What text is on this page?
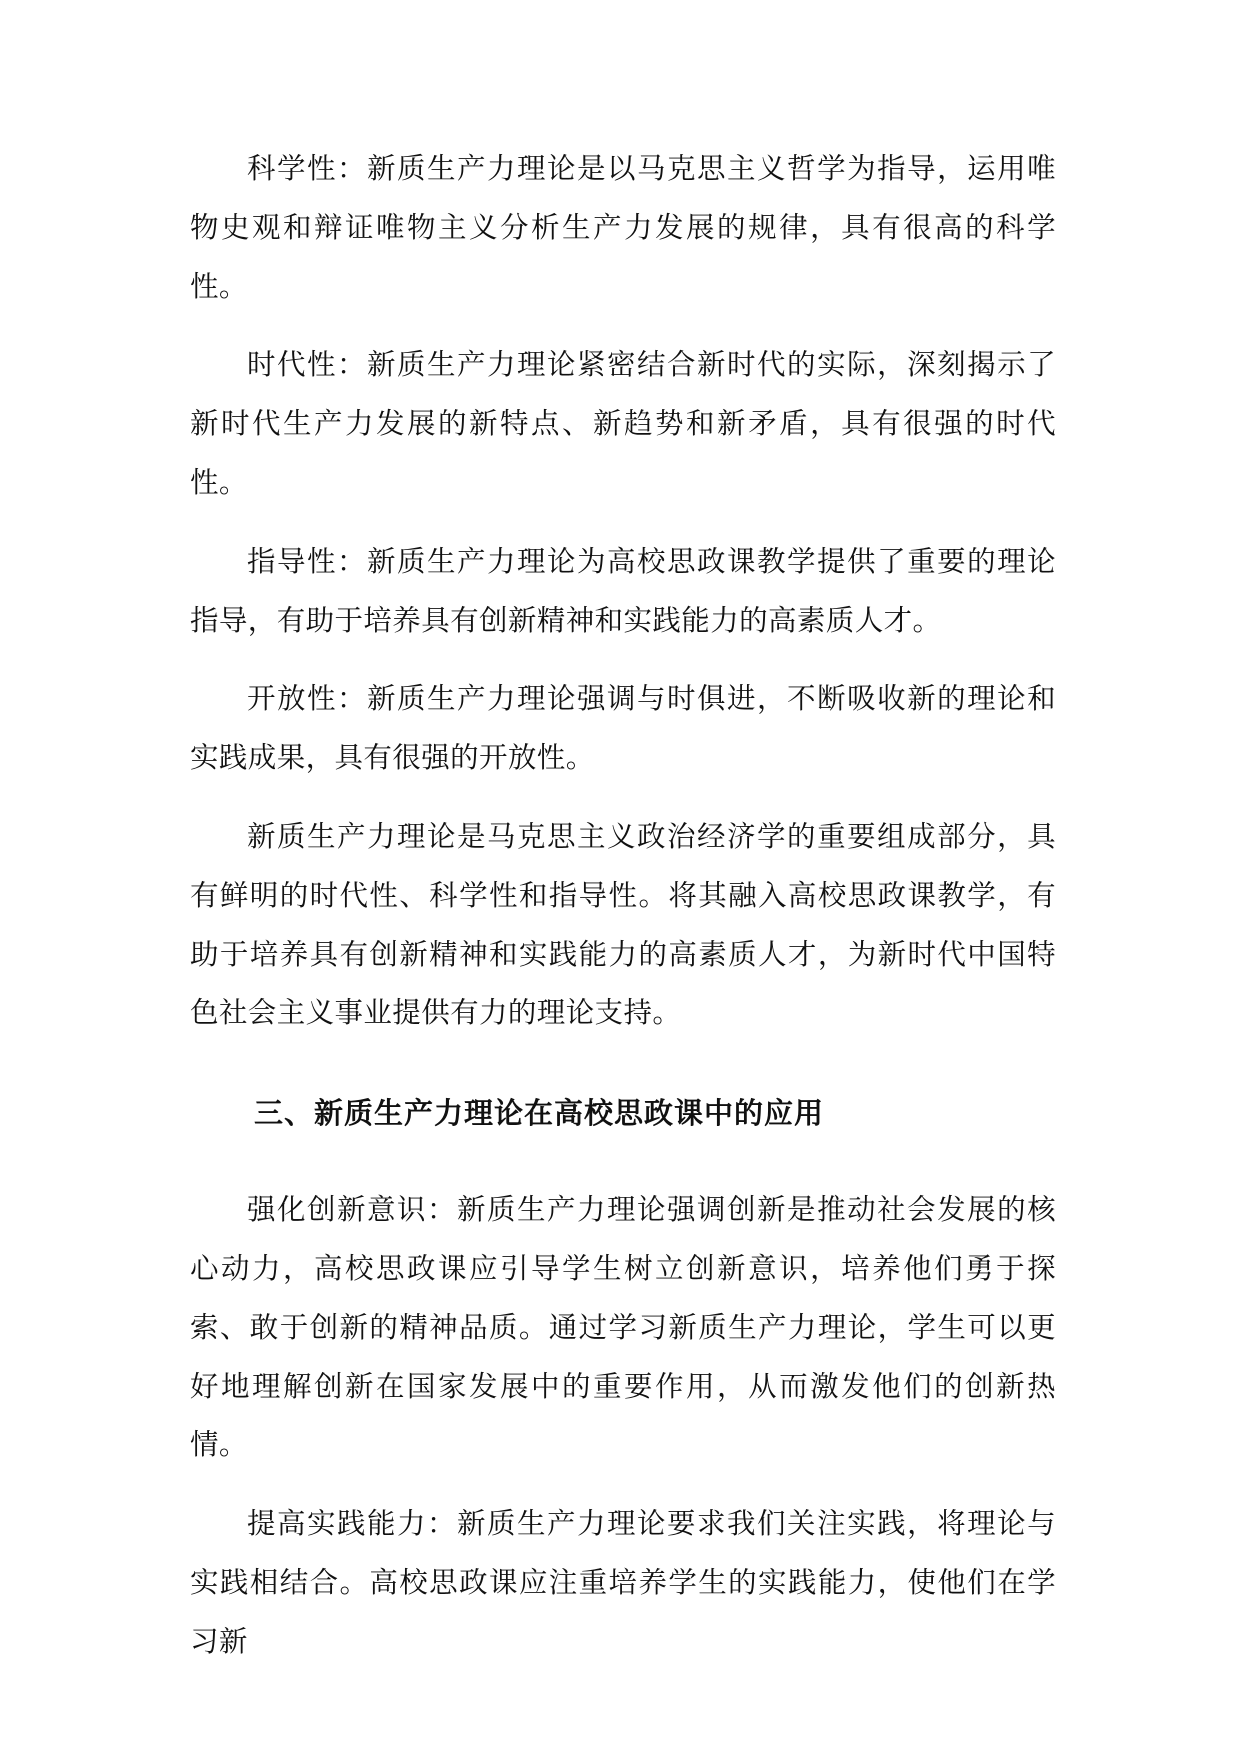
科学性：新质生产力理论是以马克思主义哲学为指导，运用唯物史观和辩证唯物主义分析生产力发展的规律，具有很高的科学性。

时代性：新质生产力理论紧密结合新时代的实际，深刻揭示了新时代生产力发展的新特点、新趋势和新矛盾，具有很强的时代性。

指导性：新质生产力理论为高校思政课教学提供了重要的理论指导，有助于培养具有创新精神和实践能力的高素质人才。

开放性：新质生产力理论强调与时俱进，不断吸收新的理论和实践成果，具有很强的开放性。

新质生产力理论是马克思主义政治经济学的重要组成部分，具有鲜明的时代性、科学性和指导性。将其融入高校思政课教学，有助于培养具有创新精神和实践能力的高素质人才，为新时代中国特色社会主义事业提供有力的理论支持。

三、新质生产力理论在高校思政课中的应用

强化创新意识：新质生产力理论强调创新是推动社会发展的核心动力，高校思政课应引导学生树立创新意识，培养他们勇于探索、敢于创新的精神品质。通过学习新质生产力理论，学生可以更好地理解创新在国家发展中的重要作用，从而激发他们的创新热情。

提高实践能力：新质生产力理论要求我们关注实践，将理论与实践相结合。高校思政课应注重培养学生的实践能力，使他们在学习新
